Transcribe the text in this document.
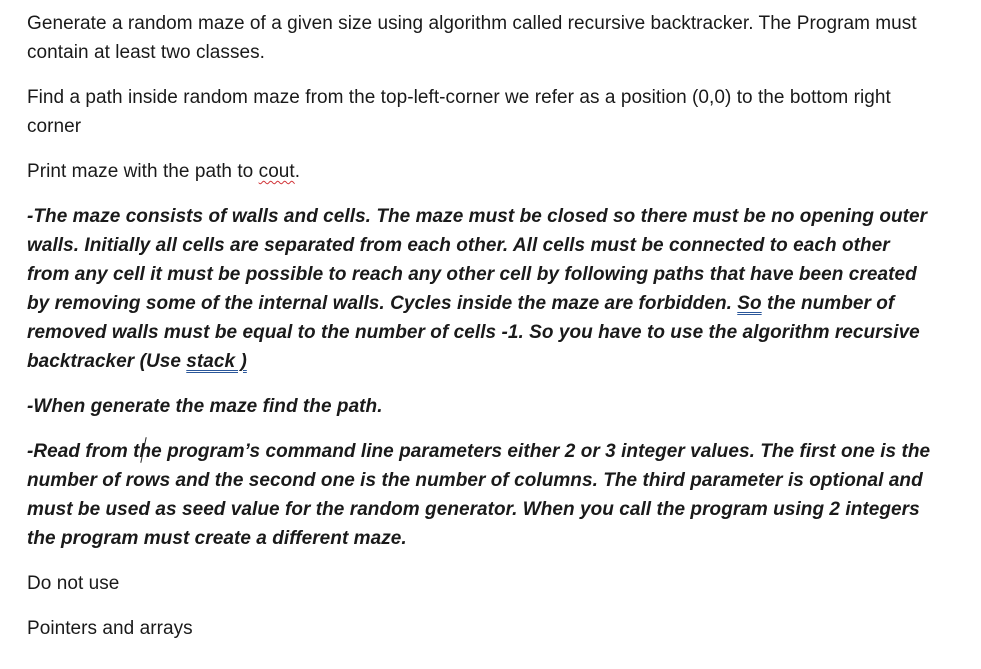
Generate a random maze of a given size using algorithm called recursive backtracker. The Program must contain at least two classes.

Find a path inside random maze from the top-left-corner we refer as a position (0,0) to the bottom right corner

Print maze with the path to cout.

-The maze consists of walls and cells. The maze must be closed so there must be no opening outer walls. Initially all cells are separated from each other. All cells must be connected to each other from any cell it must be possible to reach any other cell by following paths that have been created by removing some of the internal walls. Cycles inside the maze are forbidden. So the number of removed walls must be equal to the number of cells -1. So you have to use the algorithm recursive backtracker (Use stack )

-When generate the maze find the path.

-Read from the program’s command line parameters either 2 or 3 integer values. The first one is the number of rows and the second one is the number of columns. The third parameter is optional and must be used as seed value for the random generator. When you call the program using 2 integers the program must create a different maze.

Do not use

Pointers and arrays
